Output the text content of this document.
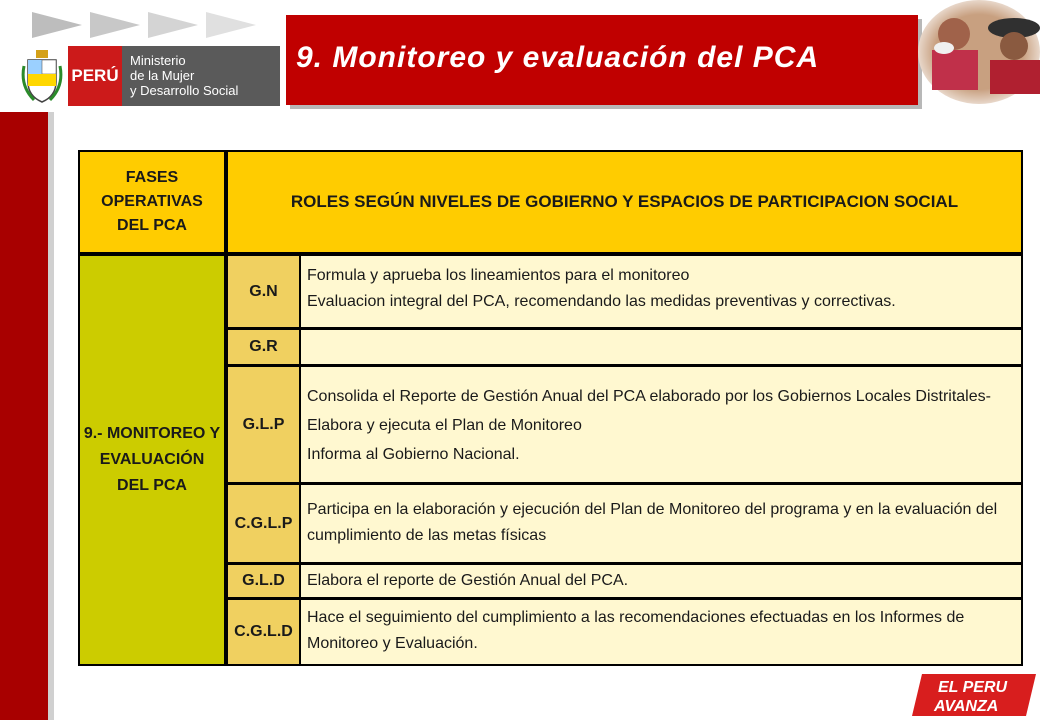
PERÚ
Ministerio
de la Mujer
y Desarrollo Social
9. Monitoreo y evaluación del PCA
FASES OPERATIVAS DEL PCA
ROLES SEGÚN NIVELES DE GOBIERNO Y ESPACIOS DE PARTICIPACION SOCIAL
9.- MONITOREO Y EVALUACIÓN DEL PCA
G.N
Formula y aprueba los lineamientos para el monitoreo
Evaluacion integral del PCA, recomendando las medidas preventivas y correctivas.
G.R
G.L.P
Consolida el Reporte de Gestión Anual del PCA elaborado por los Gobiernos Locales Distritales-
Elabora y ejecuta el Plan de Monitoreo
Informa al Gobierno Nacional.
C.G.L.P
Participa en la elaboración y ejecución del Plan de Monitoreo del programa y en la evaluación del
cumplimiento de las metas físicas
G.L.D	Elabora el reporte de Gestión Anual del PCA.
C.G.L.D
Hace el seguimiento del cumplimiento a las recomendaciones efectuadas en los Informes de
Monitoreo y Evaluación.
EL PERU
AVANZA
